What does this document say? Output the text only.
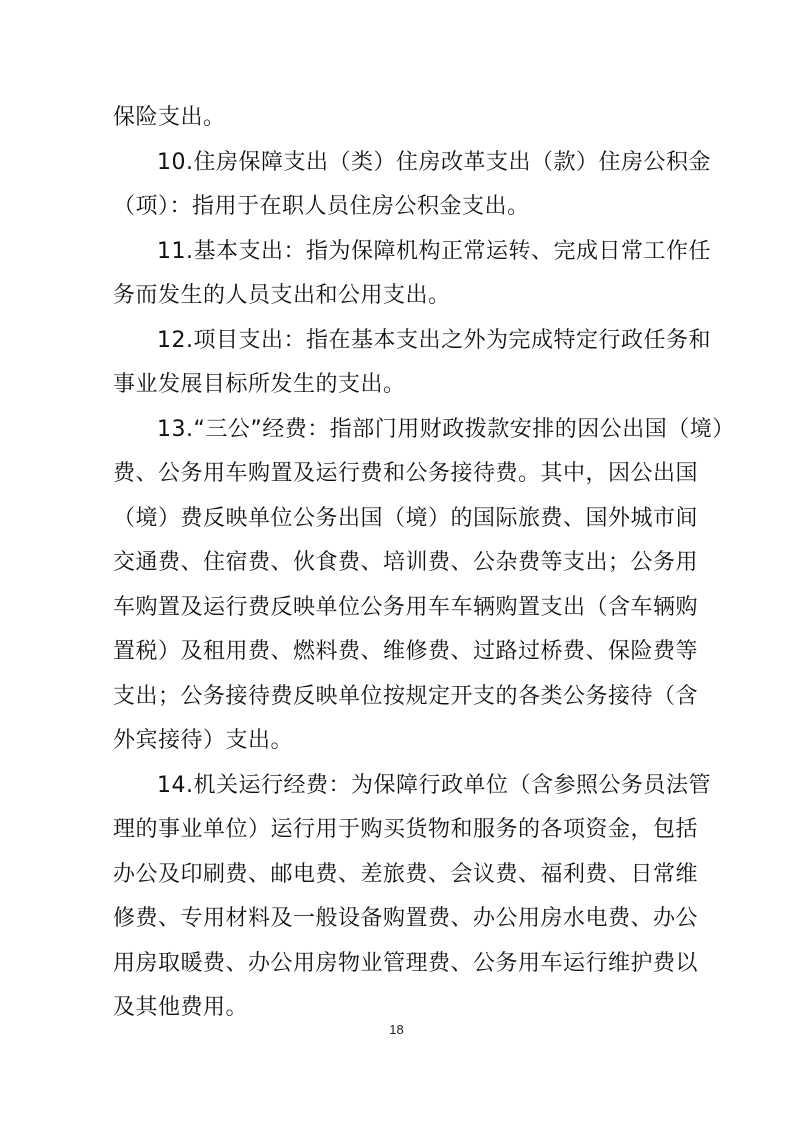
保险支出。
10.住房保障支出（类）住房改革支出（款）住房公积金
（项）：指用于在职人员住房公积金支出。
11.基本支出：指为保障机构正常运转、完成日常工作任
务而发生的人员支出和公用支出。
12.项目支出：指在基本支出之外为完成特定行政任务和
事业发展目标所发生的支出。
13.“三公”经费：指部门用财政拨款安排的因公出国（境）
费、公务用车购置及运行费和公务接待费。其中，因公出国
（境）费反映单位公务出国（境）的国际旅费、国外城市间
交通费、住宿费、伙食费、培训费、公杂费等支出；公务用
车购置及运行费反映单位公务用车车辆购置支出（含车辆购
置税）及租用费、燃料费、维修费、过路过桥费、保险费等
支出；公务接待费反映单位按规定开支的各类公务接待（含
外宾接待）支出。
14.机关运行经费：为保障行政单位（含参照公务员法管
理的事业单位）运行用于购买货物和服务的各项资金，包括
办公及印刷费、邮电费、差旅费、会议费、福利费、日常维
修费、专用材料及一般设备购置费、办公用房水电费、办公
用房取暖费、办公用房物业管理费、公务用车运行维护费以
及其他费用。
18
